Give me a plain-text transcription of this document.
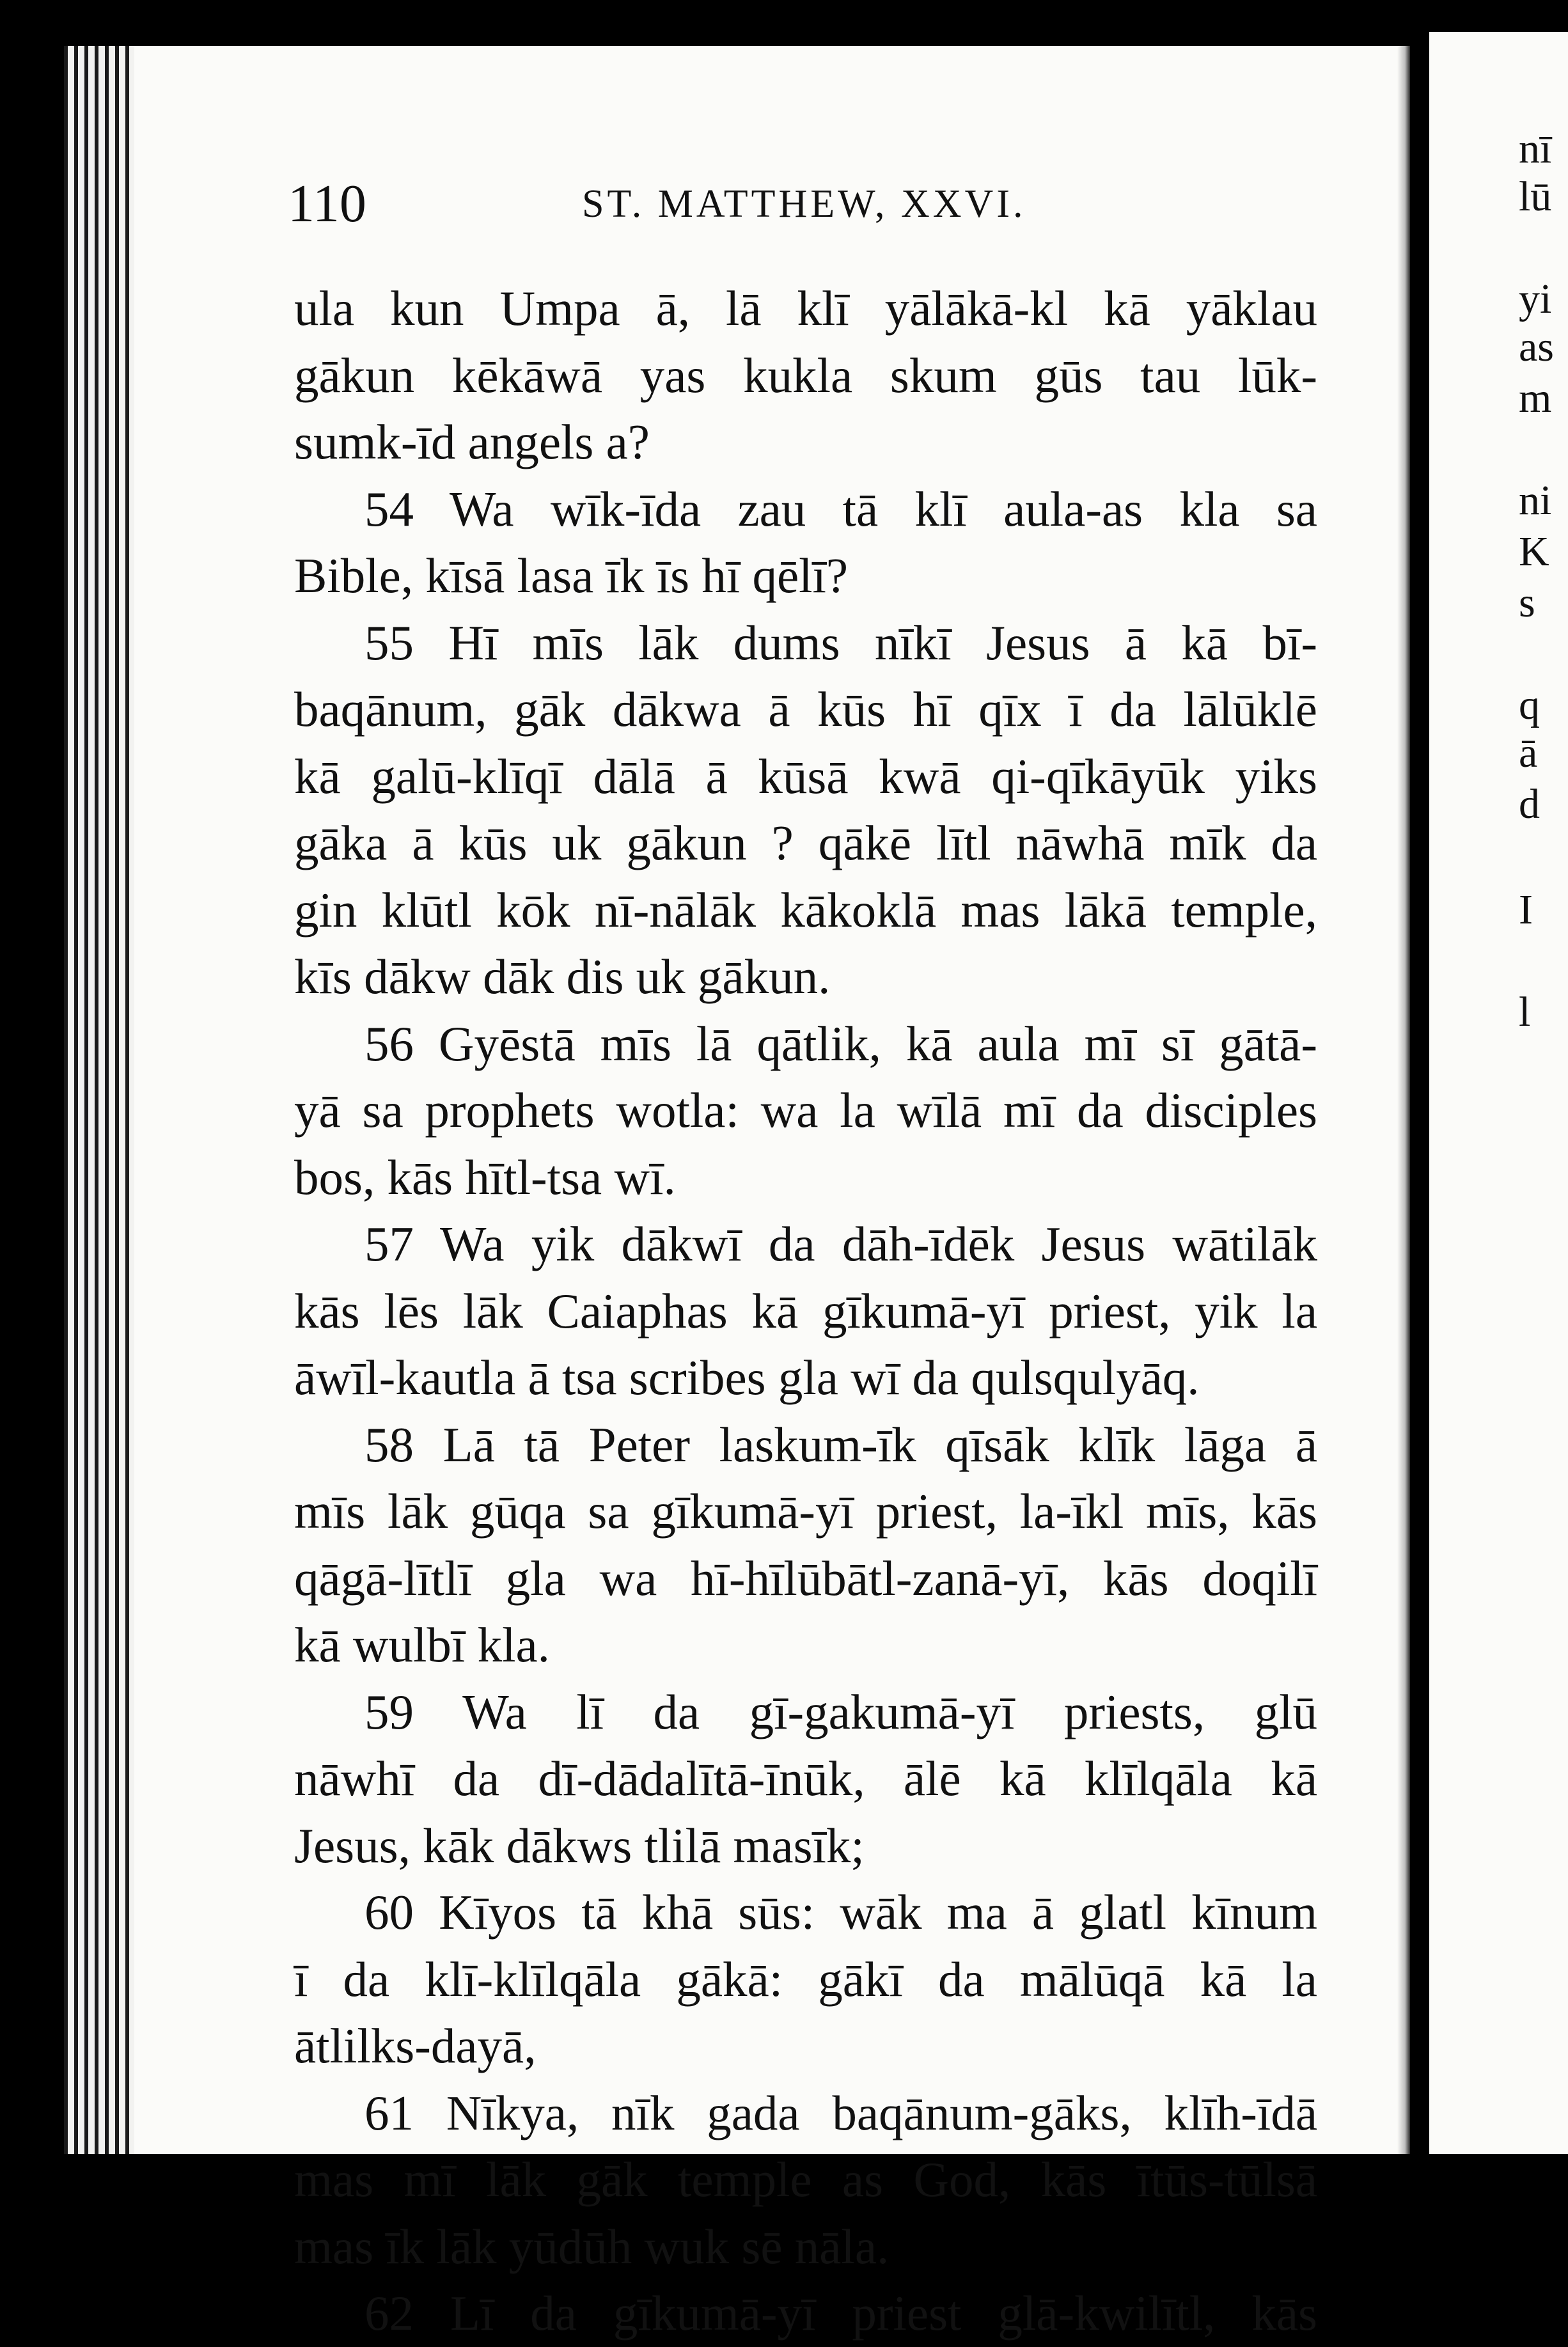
nī
lū
yi
as
m
ni
K
s
q
ā
d
I
l
110	ST. MATTHEW, XXVI.
ula kun Umpa ā, lā klī yālākā-kl kā yāklau
gākun kēkāwā yas kukla skum gūs tau lūk-
sumk-īd angels a?
54 Wa wīk-īda zau tā klī aula-as kla sa
Bible, kīsā lasa īk īs hī qēlī?
55 Hī mīs lāk dums nīkī Jesus ā kā bī-
baqānum, gāk dākwa ā kūs hī qīx ī da lālūklē
kā galū-klīqī dālā ā kūsā kwā qi-qīkāyūk yiks
gāka ā kūs uk gākun ? qākē lītl nāwhā mīk da
gin klūtl kōk nī-nālāk kākoklā mas lākā temple,
kīs dākw dāk dis uk gākun.
56 Gyēstā mīs lā qātlik, kā aula mī sī gātā-
yā sa prophets wotla: wa la wīlā mī da disciples
bos, kās hītl-tsa wī.
57 Wa yik dākwī da dāh-īdēk Jesus wātilāk
kās lēs lāk Caiaphas kā gīkumā-yī priest, yik la
āwīl-kautla ā tsa scribes gla wī da qulsqulyāq.
58 Lā tā Peter laskum-īk qīsāk klīk lāga ā
mīs lāk gūqa sa gīkumā-yī priest, la-īkl mīs, kās
qāgā-lītlī gla wa hī-hīlūbātl-zanā-yī, kās doqilī
kā wulbī kla.
59 Wa lī da gī-gakumā-yī priests, glū
nāwhī da dī-dādalītā-īnūk, ālē kā klīlqāla kā
Jesus, kāk dākws tlilā masīk;
60 Kīyos tā khā sūs: wāk ma ā glatl kīnum
ī da klī-klīlqāla gākā: gākī da mālūqā kā la
ātlilks-dayā,
61 Nīkya, nīk gada baqānum-gāks, klīh-īdā
mas mī lāk gāk temple as God, kās ītūs-tūlsā
mas īk lāk yūdūh wuk sē nāla.
62 Lī da gīkumā-yī priest glā-kwilītl, kās
